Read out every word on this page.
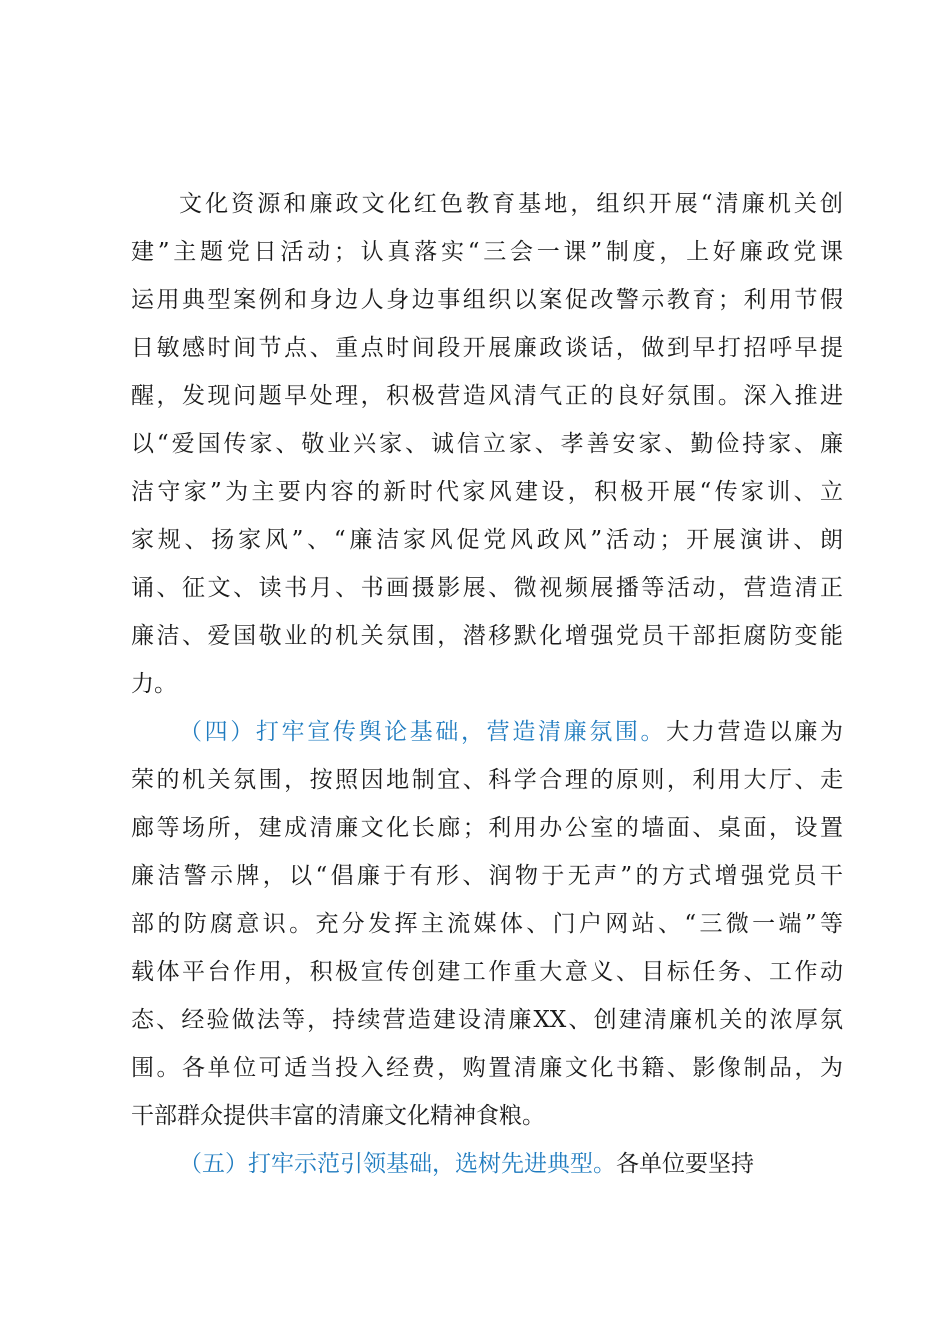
文化资源和廉政文化红色教育基地，组织开展“清廉机关创
建”主题党日活动；认真落实“三会一课”制度，上好廉政党课
运用典型案例和身边人身边事组织以案促改警示教育；利用节假
日敏感时间节点、重点时间段开展廉政谈话，做到早打招呼早提
醒，发现问题早处理，积极营造风清气正的良好氛围。深入推进
以“爱国传家、敬业兴家、诚信立家、孝善安家、勤俭持家、廉
洁守家”为主要内容的新时代家风建设，积极开展“传家训、立
家规、扬家风”、“廉洁家风促党风政风”活动；开展演讲、朗
诵、征文、读书月、书画摄影展、微视频展播等活动，营造清正
廉洁、爱国敬业的机关氛围，潜移默化增强党员干部拒腐防变能
力。
（四）打牢宣传舆论基础，营造清廉氛围。大力营造以廉为
荣的机关氛围，按照因地制宜、科学合理的原则，利用大厅、走
廊等场所，建成清廉文化长廊；利用办公室的墙面、桌面，设置
廉洁警示牌，以“倡廉于有形、润物于无声”的方式增强党员干
部的防腐意识。充分发挥主流媒体、门户网站、“三微一端”等
载体平台作用，积极宣传创建工作重大意义、目标任务、工作动
态、经验做法等，持续营造建设清廉XX、创建清廉机关的浓厚氛
围。各单位可适当投入经费，购置清廉文化书籍、影像制品，为
干部群众提供丰富的清廉文化精神食粮。
（五）打牢示范引领基础，选树先进典型。各单位要坚持
